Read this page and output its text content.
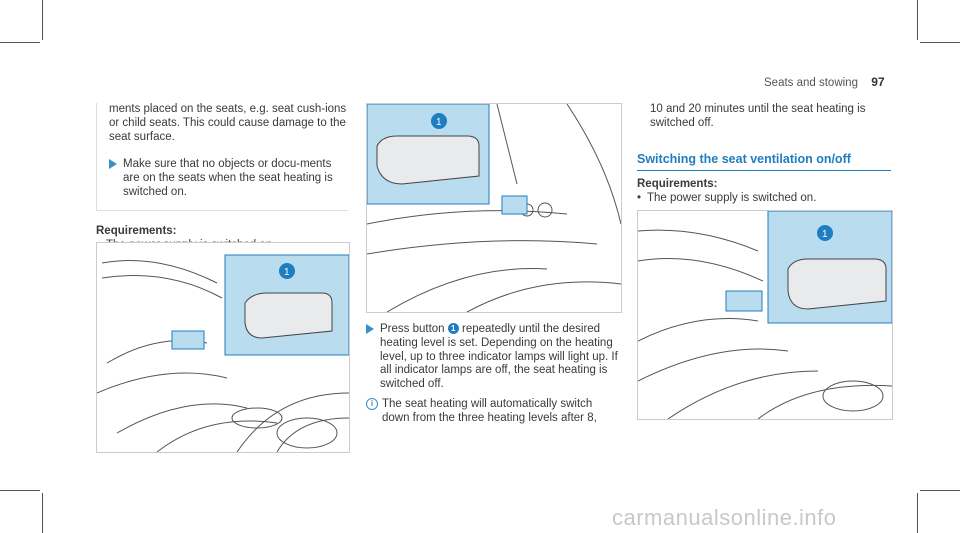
Seats and stowing 97

ments placed on the seats, e.g. seat cush-ions or child seats. This could cause damage to the seat surface.

Make sure that no objects or docu-ments are on the seats when the seat heating is switched on.
Requirements:
•
1
1
Press button 1 repeatedly until the desired heating level is set. Depending on the heating level, up to three indicator lamps will light up. If all indicator lamps are off, the seat heating is switched off.
i The seat heating will automatically switch down from the three heating levels after 8,

10 and 20 minutes until the seat heating is switched off.

Switching the seat ventilation on/off
Requirements:
• The power supply is switched on.
1
carmanualsonline.info
